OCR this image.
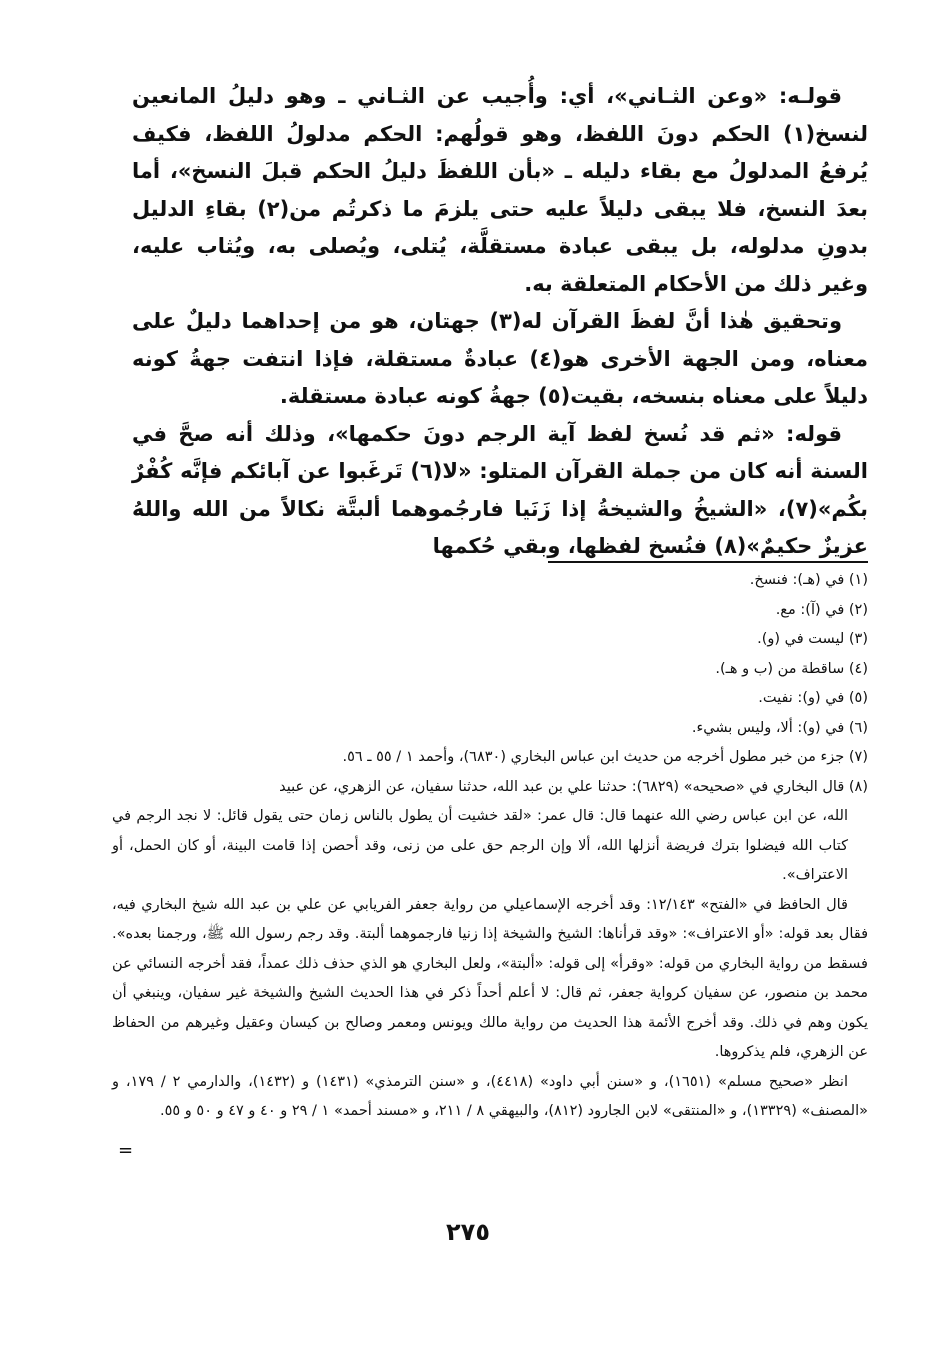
قولـه: «وعن الثـاني»، أي: وأُجيب عن الثـاني ـ وهو دليلُ المانعين لنسخ(١) الحكم دونَ اللفظ، وهو قولُهم: الحكم مدلولُ اللفظ، فكيف يُرفعُ المدلولُ مع بقاء دليله ـ «بأن اللفظَ دليلُ الحكم قبلَ النسخ»، أما بعدَ النسخ، فلا يبقى دليلاً عليه حتى يلزمَ ما ذكرتُم من(٢) بقاءِ الدليل بدونِ مدلوله، بل يبقى عبادة مستقلَّة، يُتلى، ويُصلى به، ويُثاب عليه، وغير ذلك من الأحكام المتعلقة به.

وتحقيق هٰذا أنَّ لفظَ القرآن له(٣) جهتان، هو من إحداهما دليلٌ على معناه، ومن الجهة الأخرى هو(٤) عبادةٌ مستقلة، فإذا انتفت جهةُ كونه دليلاً على معناه بنسخه، بقيت(٥) جهةُ كونه عبادة مستقلة.

قوله: «ثم قد نُسخ لفظ آية الرجم دونَ حكمها»، وذلك أنه صحَّ في السنة أنه كان من جملة القرآن المتلو: «لا(٦) تَرغَبوا عن آبائكم فإنَّه كُفْرٌ بكُم»(٧)، «الشيخُ والشيخةُ إذا زَنَيا فارجُموهما ألبتَّة نكالاً من الله واللهُ عزيزٌ حكيمٌ»(٨) فنُسخ لفظها، وبقي حُكمها

(١) في (هـ): فنسخ.

(٢) في (آ): مع.

(٣) ليست في (و).

(٤) ساقطة من (ب و هـ).

(٥) في (و): نفيت.

(٦) في (و): ألا، وليس بشيء.

(٧) جزء من خبر مطول أخرجه من حديث ابن عباس البخاري (٦٨٣٠)، وأحمد ١ / ٥٥ ـ ٥٦.

(٨) قال البخاري في «صحيحه» (٦٨٢٩): حدثنا علي بن عبد الله، حدثنا سفيان، عن الزهري، عن عبيد

الله، عن ابن عباس رضي الله عنهما قال: قال عمر: «لقد خشيت أن يطول بالناس زمان حتى يقول قائل: لا نجد الرجم في كتاب الله فيضلوا بترك فريضة أنزلها الله، ألا وإن الرجم حق على من زنى، وقد أحصن إذا قامت البينة، أو كان الحمل، أو الاعتراف».

قال الحافظ في «الفتح» ١٢/١٤٣: وقد أخرجه الإسماعيلي من رواية جعفر الفريابي عن علي بن عبد الله شيخ البخاري فيه، فقال بعد قوله: «أو الاعتراف»: «وقد قرأناها: الشيخ والشيخة إذا زنيا فارجموهما ألبتة. وقد رجم رسول الله ﷺ، ورجمنا بعده». فسقط من رواية البخاري من قوله: «وقرأ» إلى قوله: «ألبتة»، ولعل البخاري هو الذي حذف ذلك عمداً، فقد أخرجه النسائي عن محمد بن منصور، عن سفيان كرواية جعفر، ثم قال: لا أعلم أحداً ذكر في هذا الحديث الشيخ والشيخة غير سفيان، وينبغي أن يكون وهم في ذلك. وقد أخرج الأئمة هذا الحديث من رواية مالك ويونس ومعمر وصالح بن كيسان وعقيل وغيرهم من الحفاظ عن الزهري، فلم يذكروها.

انظر «صحيح مسلم» (١٦٥١)، و «سنن أبي داود» (٤٤١٨)، و «سنن الترمذي» (١٤٣١) و (١٤٣٢)، والدارمي ٢ / ١٧٩، و «المصنف» (١٣٣٢٩)، و «المنتقى» لابن الجارود (٨١٢)، والبيهقي ٨ / ٢١١، و «مسند أحمد» ١ / ٢٩ و ٤٠ و ٤٧ و ٥٠ و ٥٥.

=
٢٧٥
